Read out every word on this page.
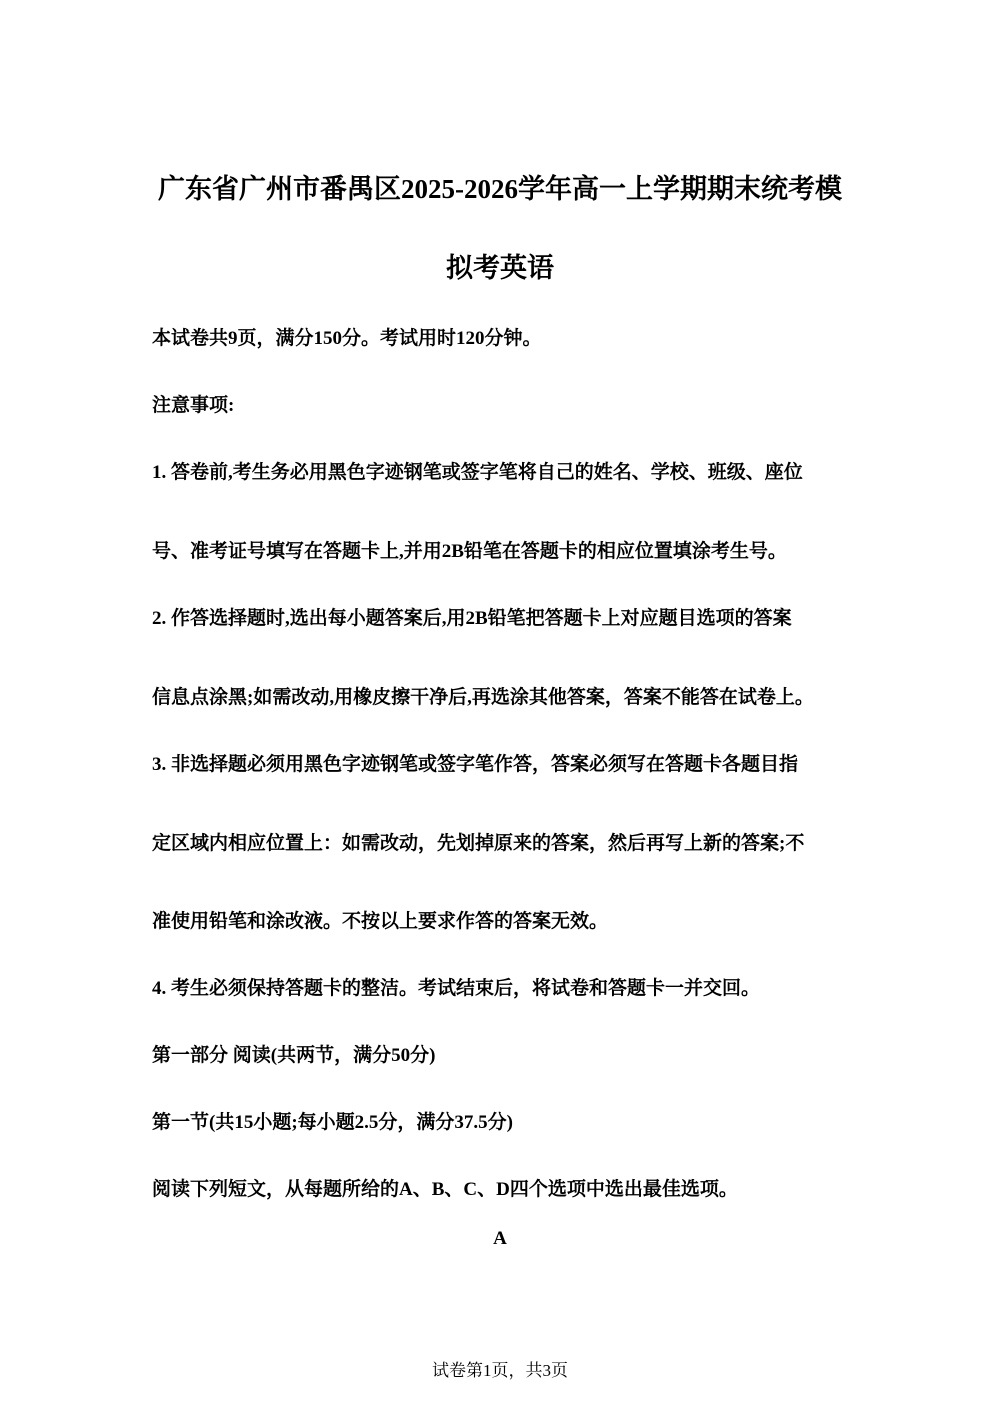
广东省广州市番禺区2025-2026学年高一上学期期末统考模
拟考英语
本试卷共9页，满分150分。考试用时120分钟。
注意事项:
1. 答卷前,考生务必用黑色字迹钢笔或签字笔将自己的姓名、学校、班级、座位
号、准考证号填写在答题卡上,并用2B铅笔在答题卡的相应位置填涂考生号。
2. 作答选择题时,选出每小题答案后,用2B铅笔把答题卡上对应题目选项的答案
信息点涂黑;如需改动,用橡皮擦干净后,再选涂其他答案，答案不能答在试卷上。
3. 非选择题必须用黑色字迹钢笔或签字笔作答，答案必须写在答题卡各题目指
定区域内相应位置上：如需改动，先划掉原来的答案，然后再写上新的答案;不
准使用铅笔和涂改液。不按以上要求作答的答案无效。
4. 考生必须保持答题卡的整洁。考试结束后，将试卷和答题卡一并交回。
第一部分 阅读(共两节，满分50分)
第一节(共15小题;每小题2.5分，满分37.5分)
阅读下列短文，从每题所给的A、B、C、D四个选项中选出最佳选项。
A
试卷第1页，共3页
